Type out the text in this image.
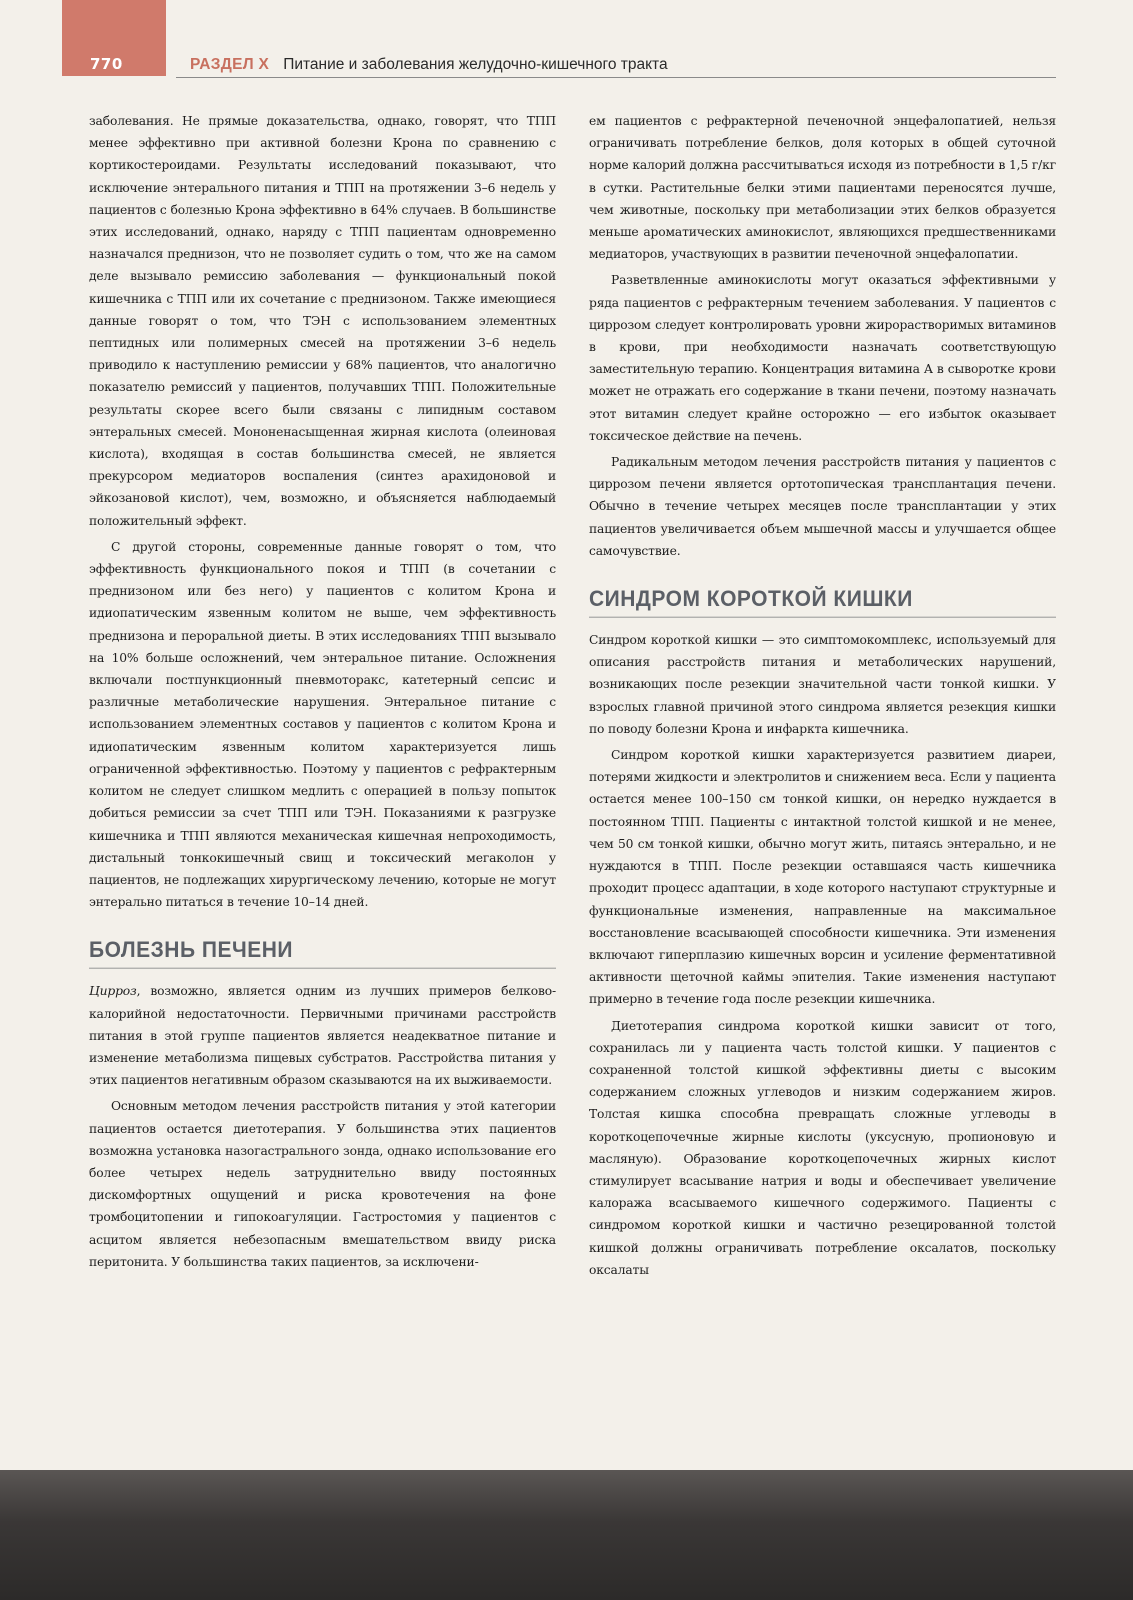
770	РАЗДЕЛ X Питание и заболевания желудочно-кишечного тракта

заболевания. Не прямые доказательства, однако, говорят, что ТПП менее эффективно при активной болезни Крона по сравнению с кортикостероидами. Результаты исследований показывают, что исключение энтерального питания и ТПП на протяжении 3–6 недель у пациентов с болезнью Крона эффективно в 64% случаев. В большинстве этих исследований, однако, наряду с ТПП пациентам одновременно назначался преднизон, что не позволяет судить о том, что же на самом деле вызывало ремиссию заболевания — функциональный покой кишечника с ТПП или их сочетание с преднизоном. Также имеющиеся данные говорят о том, что ТЭН с использованием элементных пептидных или полимерных смесей на протяжении 3–6 недель приводило к наступлению ремиссии у 68% пациентов, что аналогично показателю ремиссий у пациентов, получавших ТПП. Положительные результаты скорее всего были связаны с липидным составом энтеральных смесей. Мононенасыщенная жирная кислота (олеиновая кислота), входящая в состав большинства смесей, не является прекурсором медиаторов воспаления (синтез арахидоновой и эйкозановой кислот), чем, возможно, и объясняется наблюдаемый положительный эффект.

С другой стороны, современные данные говорят о том, что эффективность функционального покоя и ТПП (в сочетании с преднизоном или без него) у пациентов с колитом Крона и идиопатическим язвенным колитом не выше, чем эффективность преднизона и пероральной диеты. В этих исследованиях ТПП вызывало на 10% больше осложнений, чем энтеральное питание. Осложнения включали постпункционный пневмоторакс, катетерный сепсис и различные метаболические нарушения. Энтеральное питание с использованием элементных составов у пациентов с колитом Крона и идиопатическим язвенным колитом характеризуется лишь ограниченной эффективностью. Поэтому у пациентов с рефрактерным колитом не следует слишком медлить с операцией в пользу попыток добиться ремиссии за счет ТПП или ТЭН. Показаниями к разгрузке кишечника и ТПП являются механическая кишечная непроходимость, дистальный тонкокишечный свищ и токсический мегаколон у пациентов, не подлежащих хирургическому лечению, которые не могут энтерально питаться в течение 10–14 дней.

БОЛЕЗНЬ ПЕЧЕНИ

Цирроз, возможно, является одним из лучших примеров белково-калорийной недостаточности. Первичными причинами расстройств питания в этой группе пациентов является неадекватное питание и изменение метаболизма пищевых субстратов. Расстройства питания у этих пациентов негативным образом сказываются на их выживаемости.

Основным методом лечения расстройств питания у этой категории пациентов остается диетотерапия. У большинства этих пациентов возможна установка назогастрального зонда, однако использование его более четырех недель затруднительно ввиду постоянных дискомфортных ощущений и риска кровотечения на фоне тромбоцитопении и гипокоагуляции. Гастростомия у пациентов с асцитом является небезопасным вмешательством ввиду риска перитонита. У большинства таких пациентов, за исключени-

ем пациентов с рефрактерной печеночной энцефалопатией, нельзя ограничивать потребление белков, доля которых в общей суточной норме калорий должна рассчитываться исходя из потребности в 1,5 г/кг в сутки. Растительные белки этими пациентами переносятся лучше, чем животные, поскольку при метаболизации этих белков образуется меньше ароматических аминокислот, являющихся предшественниками медиаторов, участвующих в развитии печеночной энцефалопатии.

Разветвленные аминокислоты могут оказаться эффективными у ряда пациентов с рефрактерным течением заболевания. У пациентов с циррозом следует контролировать уровни жирорастворимых витаминов в крови, при необходимости назначать соответствующую заместительную терапию. Концентрация витамина A в сыворотке крови может не отражать его содержание в ткани печени, поэтому назначать этот витамин следует крайне осторожно — его избыток оказывает токсическое действие на печень.

Радикальным методом лечения расстройств питания у пациентов с циррозом печени является ортотопическая трансплантация печени. Обычно в течение четырех месяцев после трансплантации у этих пациентов увеличивается объем мышечной массы и улучшается общее самочувствие.

СИНДРОМ КОРОТКОЙ КИШКИ

Синдром короткой кишки — это симптомокомплекс, используемый для описания расстройств питания и метаболических нарушений, возникающих после резекции значительной части тонкой кишки. У взрослых главной причиной этого синдрома является резекция кишки по поводу болезни Крона и инфаркта кишечника.

Синдром короткой кишки характеризуется развитием диареи, потерями жидкости и электролитов и снижением веса. Если у пациента остается менее 100–150 см тонкой кишки, он нередко нуждается в постоянном ТПП. Пациенты с интактной толстой кишкой и не менее, чем 50 см тонкой кишки, обычно могут жить, питаясь энтерально, и не нуждаются в ТПП. После резекции оставшаяся часть кишечника проходит процесс адаптации, в ходе которого наступают структурные и функциональные изменения, направленные на максимальное восстановление всасывающей способности кишечника. Эти изменения включают гиперплазию кишечных ворсин и усиление ферментативной активности щеточной каймы эпителия. Такие изменения наступают примерно в течение года после резекции кишечника.

Диетотерапия синдрома короткой кишки зависит от того, сохранилась ли у пациента часть толстой кишки. У пациентов с сохраненной толстой кишкой эффективны диеты с высоким содержанием сложных углеводов и низким содержанием жиров. Толстая кишка способна превращать сложные углеводы в короткоцепочечные жирные кислоты (уксусную, пропионовую и масляную). Образование короткоцепочечных жирных кислот стимулирует всасывание натрия и воды и обеспечивает увеличение калоража всасываемого кишечного содержимого. Пациенты с синдромом короткой кишки и частично резецированной толстой кишкой должны ограничивать потребление оксалатов, поскольку оксалаты
